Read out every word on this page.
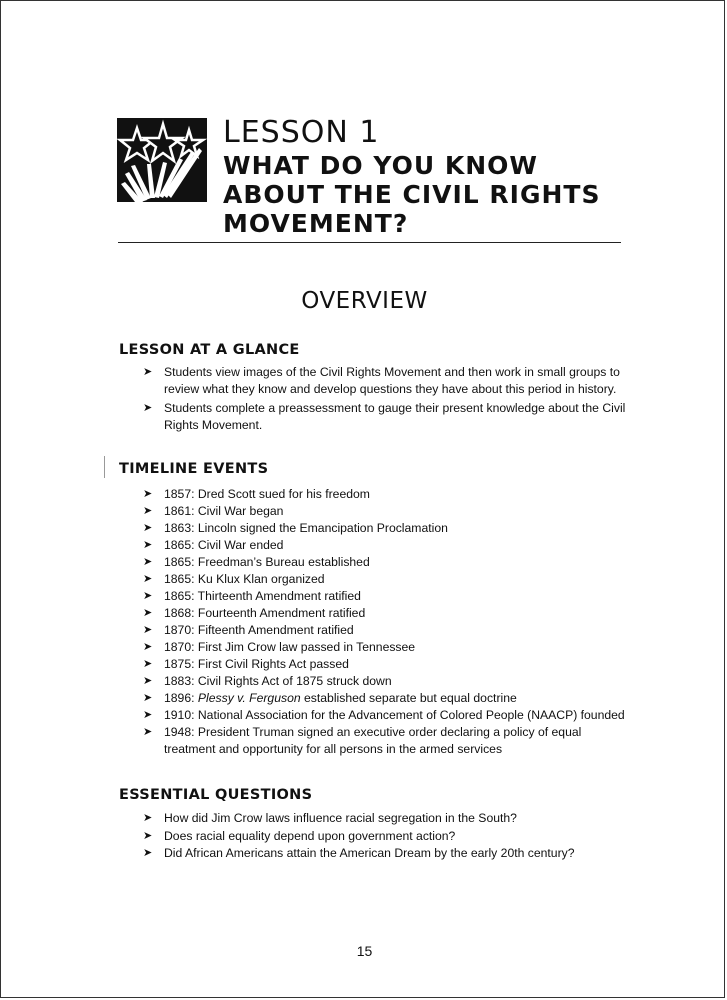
LESSON 1
WHAT DO YOU KNOW ABOUT THE CIVIL RIGHTS MOVEMENT?
OVERVIEW
LESSON AT A GLANCE
➤ Students view images of the Civil Rights Movement and then work in small groups to review what they know and develop questions they have about this period in history.
➤ Students complete a preassessment to gauge their present knowledge about the Civil Rights Movement.
TIMELINE EVENTS
➤ 1857: Dred Scott sued for his freedom
➤ 1861: Civil War began
➤ 1863: Lincoln signed the Emancipation Proclamation
➤ 1865: Civil War ended
➤ 1865: Freedman’s Bureau established
➤ 1865: Ku Klux Klan organized
➤ 1865: Thirteenth Amendment ratified
➤ 1868: Fourteenth Amendment ratified
➤ 1870: Fifteenth Amendment ratified
➤ 1870: First Jim Crow law passed in Tennessee
➤ 1875: First Civil Rights Act passed
➤ 1883: Civil Rights Act of 1875 struck down
➤ 1896: Plessy v. Ferguson established separate but equal doctrine
➤ 1910: National Association for the Advancement of Colored People (NAACP) founded
➤ 1948: President Truman signed an executive order declaring a policy of equal treatment and opportunity for all persons in the armed services
ESSENTIAL QUESTIONS
➤ How did Jim Crow laws influence racial segregation in the South?
➤ Does racial equality depend upon government action?
➤ Did African Americans attain the American Dream by the early 20th century?
15
